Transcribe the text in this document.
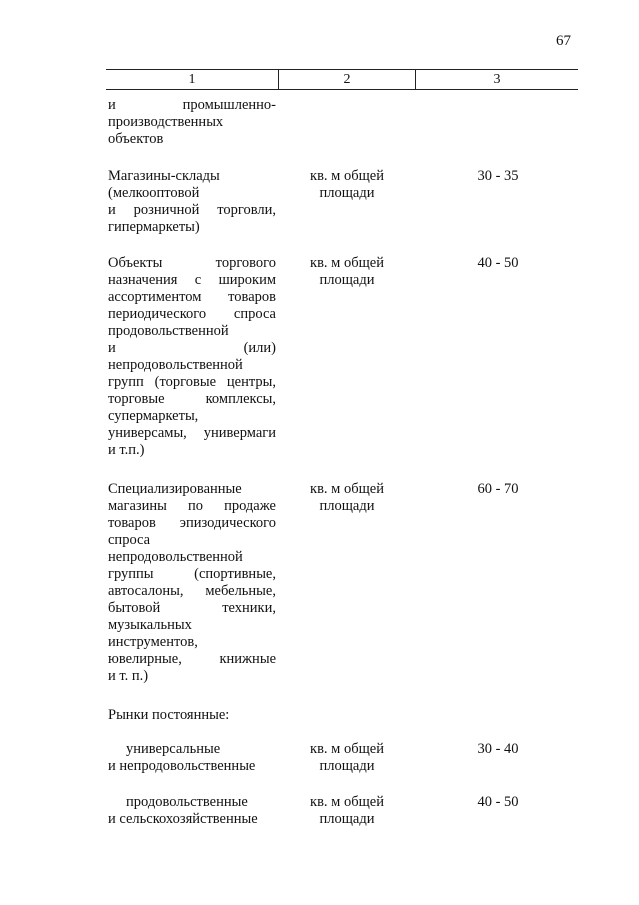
67
1	2	3

и промышленно-

производственных

объектов

Магазины-склады

(мелкооптовой

и розничной торговли,

гипермаркеты)

кв. м общей
площади
30 - 35

Объекты торгового

назначения с широким

ассортиментом товаров

периодического спроса

продовольственной

и (или)

непродовольственной

групп (торговые центры,

торговые комплексы,

супермаркеты,

универсамы, универмаги

и т.п.)

кв. м общей
площади
40 - 50

Специализированные

магазины по продаже

товаров эпизодического

спроса

непродовольственной

группы (спортивные,

автосалоны, мебельные,

бытовой техники,

музыкальных

инструментов,

ювелирные, книжные

и т. п.)

кв. м общей
площади
60 - 70
Рынки постоянные:

универсальные

и непродовольственные

кв. м общей
площади
30 - 40

продовольственные

и сельскохозяйственные

кв. м общей
площади
40 - 50
